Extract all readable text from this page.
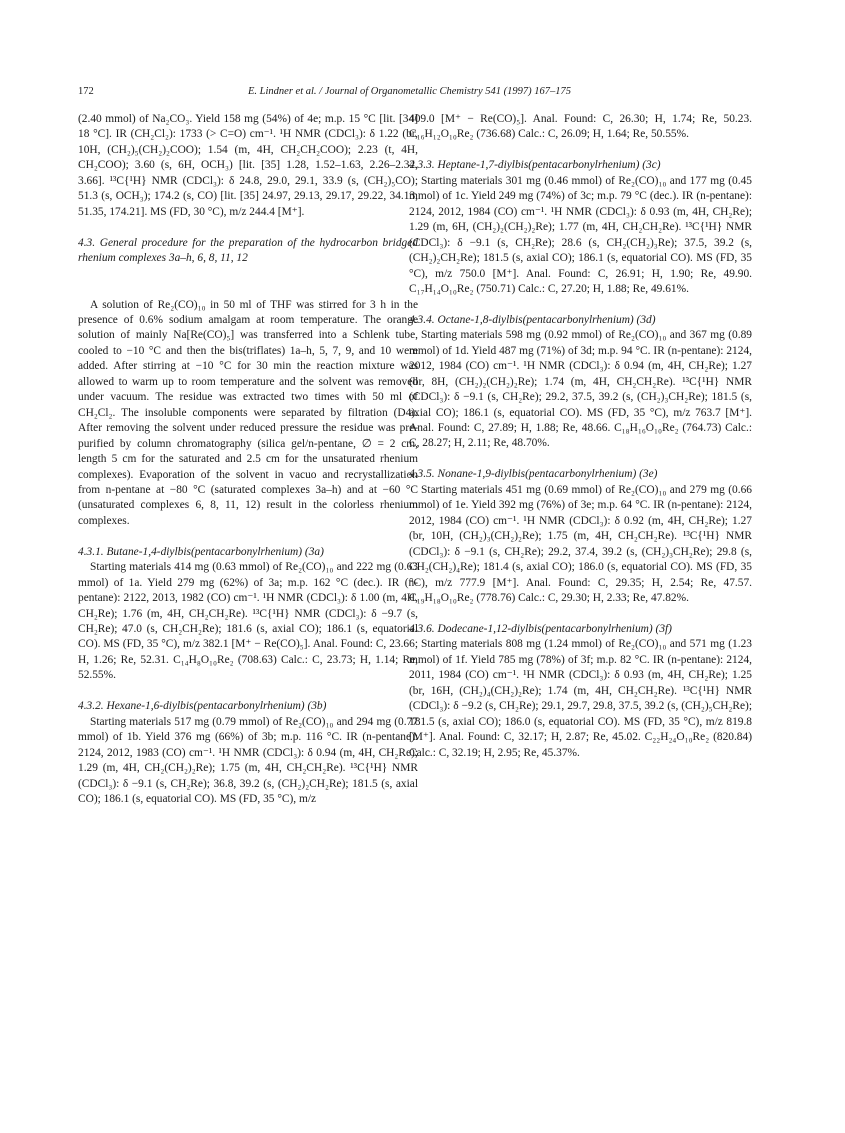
172	E. Lindner et al. / Journal of Organometallic Chemistry 541 (1997) 167–175

(2.40 mmol) of Na₂CO₃. Yield 158 mg (54%) of 4e; m.p. 15 °C [lit. [34] 18 °C]. IR (CH₂Cl₂): 1733 (> C=O) cm⁻¹. ¹H NMR (CDCl₃): δ 1.22 (br, 10H, (CH₂)₅(CH₂)₂COO); 1.54 (m, 4H, CH₂CH₂COO); 2.23 (t, 4H, CH₂COO); 3.60 (s, 6H, OCH₃) [lit. [35] 1.28, 1.52–1.63, 2.26–2.32, 3.66]. ¹³C{¹H} NMR (CDCl₃): δ 24.8, 29.0, 29.1, 33.9 (s, (CH₂)₅CO); 51.3 (s, OCH₃); 174.2 (s, CO) [lit. [35] 24.97, 29.13, 29.17, 29.22, 34.13, 51.35, 174.21]. MS (FD, 30 °C), m/z 244.4 [M⁺].

4.3. General procedure for the preparation of the hydrocarbon bridged rhenium complexes 3a–h, 6, 8, 11, 12

A solution of Re₂(CO)₁₀ in 50 ml of THF was stirred for 3 h in the presence of 0.6% sodium amalgam at room temperature. The orange solution of mainly Na[Re(CO)₅] was transferred into a Schlenk tube, cooled to −10 °C and then the bis(triflates) 1a–h, 5, 7, 9, and 10 were added. After stirring at −10 °C for 30 min the reaction mixture was allowed to warm up to room temperature and the solvent was removed under vacuum. The residue was extracted two times with 50 ml of CH₂Cl₂. The insoluble components were separated by filtration (D4). After removing the solvent under reduced pressure the residue was pre-purified by column chromatography (silica gel/n-pentane, ∅ = 2 cm, length 5 cm for the saturated and 2.5 cm for the unsaturated rhenium complexes). Evaporation of the solvent in vacuo and recrystallization from n-pentane at −80 °C (saturated complexes 3a–h) and at −60 °C (unsaturated complexes 6, 8, 11, 12) result in the colorless rhenium complexes.

4.3.1. Butane-1,4-diylbis(pentacarbonylrhenium) (3a)

Starting materials 414 mg (0.63 mmol) of Re₂(CO)₁₀ and 222 mg (0.63 mmol) of 1a. Yield 279 mg (62%) of 3a; m.p. 162 °C (dec.). IR (n-pentane): 2122, 2013, 1982 (CO) cm⁻¹. ¹H NMR (CDCl₃): δ 1.00 (m, 4H, CH₂Re); 1.76 (m, 4H, CH₂CH₂Re). ¹³C{¹H} NMR (CDCl₃): δ −9.7 (s, CH₂Re); 47.0 (s, CH₂CH₂Re); 181.6 (s, axial CO); 186.1 (s, equatorial CO). MS (FD, 35 °C), m/z 382.1 [M⁺ − Re(CO)₅]. Anal. Found: C, 23.66; H, 1.26; Re, 52.31. C₁₄H₈O₁₀Re₂ (708.63) Calc.: C, 23.73; H, 1.14; Re, 52.55%.

4.3.2. Hexane-1,6-diylbis(pentacarbonylrhenium) (3b)

Starting materials 517 mg (0.79 mmol) of Re₂(CO)₁₀ and 294 mg (0.77 mmol) of 1b. Yield 376 mg (66%) of 3b; m.p. 116 °C. IR (n-pentane): 2124, 2012, 1983 (CO) cm⁻¹. ¹H NMR (CDCl₃): δ 0.94 (m, 4H, CH₂Re); 1.29 (m, 4H, CH₂(CH₂)₂Re); 1.75 (m, 4H, CH₂CH₂Re). ¹³C{¹H} NMR (CDCl₃): δ −9.1 (s, CH₂Re); 36.8, 39.2 (s, (CH₂)₂CH₂Re); 181.5 (s, axial CO); 186.1 (s, equatorial CO). MS (FD, 35 °C), m/z

409.0 [M⁺ − Re(CO)₅]. Anal. Found: C, 26.30; H, 1.74; Re, 50.23. C₁₆H₁₂O₁₀Re₂ (736.68) Calc.: C, 26.09; H, 1.64; Re, 50.55%.

4.3.3. Heptane-1,7-diylbis(pentacarbonylrhenium) (3c)

Starting materials 301 mg (0.46 mmol) of Re₂(CO)₁₀ and 177 mg (0.45 mmol) of 1c. Yield 249 mg (74%) of 3c; m.p. 79 °C (dec.). IR (n-pentane): 2124, 2012, 1984 (CO) cm⁻¹. ¹H NMR (CDCl₃): δ 0.93 (m, 4H, CH₂Re); 1.29 (m, 6H, (CH₂)₂(CH₂)₂Re); 1.77 (m, 4H, CH₂CH₂Re). ¹³C{¹H} NMR (CDCl₃): δ −9.1 (s, CH₂Re); 28.6 (s, CH₂(CH₂)₃Re); 37.5, 39.2 (s, (CH₂)₂CH₂Re); 181.5 (s, axial CO); 186.1 (s, equatorial CO). MS (FD, 35 °C), m/z 750.0 [M⁺]. Anal. Found: C, 26.91; H, 1.90; Re, 49.90. C₁₇H₁₄O₁₀Re₂ (750.71) Calc.: C, 27.20; H, 1.88; Re, 49.61%.

4.3.4. Octane-1,8-diylbis(pentacarbonylrhenium) (3d)

Starting materials 598 mg (0.92 mmol) of Re₂(CO)₁₀ and 367 mg (0.89 mmol) of 1d. Yield 487 mg (71%) of 3d; m.p. 94 °C. IR (n-pentane): 2124, 2012, 1984 (CO) cm⁻¹. ¹H NMR (CDCl₃): δ 0.94 (m, 4H, CH₂Re); 1.27 (br, 8H, (CH₂)₂(CH₂)₂Re); 1.74 (m, 4H, CH₂CH₂Re). ¹³C{¹H} NMR (CDCl₃): δ −9.1 (s, CH₂Re); 29.2, 37.5, 39.2 (s, (CH₂)₃CH₂Re); 181.5 (s, axial CO); 186.1 (s, equatorial CO). MS (FD, 35 °C), m/z 763.7 [M⁺]. Anal. Found: C, 27.89; H, 1.88; Re, 48.66. C₁₈H₁₆O₁₀Re₂ (764.73) Calc.: C, 28.27; H, 2.11; Re, 48.70%.

4.3.5. Nonane-1,9-diylbis(pentacarbonylrhenium) (3e)

Starting materials 451 mg (0.69 mmol) of Re₂(CO)₁₀ and 279 mg (0.66 mmol) of 1e. Yield 392 mg (76%) of 3e; m.p. 64 °C. IR (n-pentane): 2124, 2012, 1984 (CO) cm⁻¹. ¹H NMR (CDCl₃): δ 0.92 (m, 4H, CH₂Re); 1.27 (br, 10H, (CH₂)₃(CH₂)₂Re); 1.75 (m, 4H, CH₂CH₂Re). ¹³C{¹H} NMR (CDCl₃): δ −9.1 (s, CH₂Re); 29.2, 37.4, 39.2 (s, (CH₂)₃CH₂Re); 29.8 (s, CH₂(CH₂)₄Re); 181.4 (s, axial CO); 186.0 (s, equatorial CO). MS (FD, 35 °C), m/z 777.9 [M⁺]. Anal. Found: C, 29.35; H, 2.54; Re, 47.57. C₁₉H₁₈O₁₀Re₂ (778.76) Calc.: C, 29.30; H, 2.33; Re, 47.82%.

4.3.6. Dodecane-1,12-diylbis(pentacarbonylrhenium) (3f)

Starting materials 808 mg (1.24 mmol) of Re₂(CO)₁₀ and 571 mg (1.23 mmol) of 1f. Yield 785 mg (78%) of 3f; m.p. 82 °C. IR (n-pentane): 2124, 2011, 1984 (CO) cm⁻¹. ¹H NMR (CDCl₃): δ 0.93 (m, 4H, CH₂Re); 1.25 (br, 16H, (CH₂)₄(CH₂)₂Re); 1.74 (m, 4H, CH₂CH₂Re). ¹³C{¹H} NMR (CDCl₃): δ −9.2 (s, CH₂Re); 29.1, 29.7, 29.8, 37.5, 39.2 (s, (CH₂)₅CH₂Re); 181.5 (s, axial CO); 186.0 (s, equatorial CO). MS (FD, 35 °C), m/z 819.8 [M⁺]. Anal. Found: C, 32.17; H, 2.87; Re, 45.02. C₂₂H₂₄O₁₀Re₂ (820.84) Calc.: C, 32.19; H, 2.95; Re, 45.37%.
